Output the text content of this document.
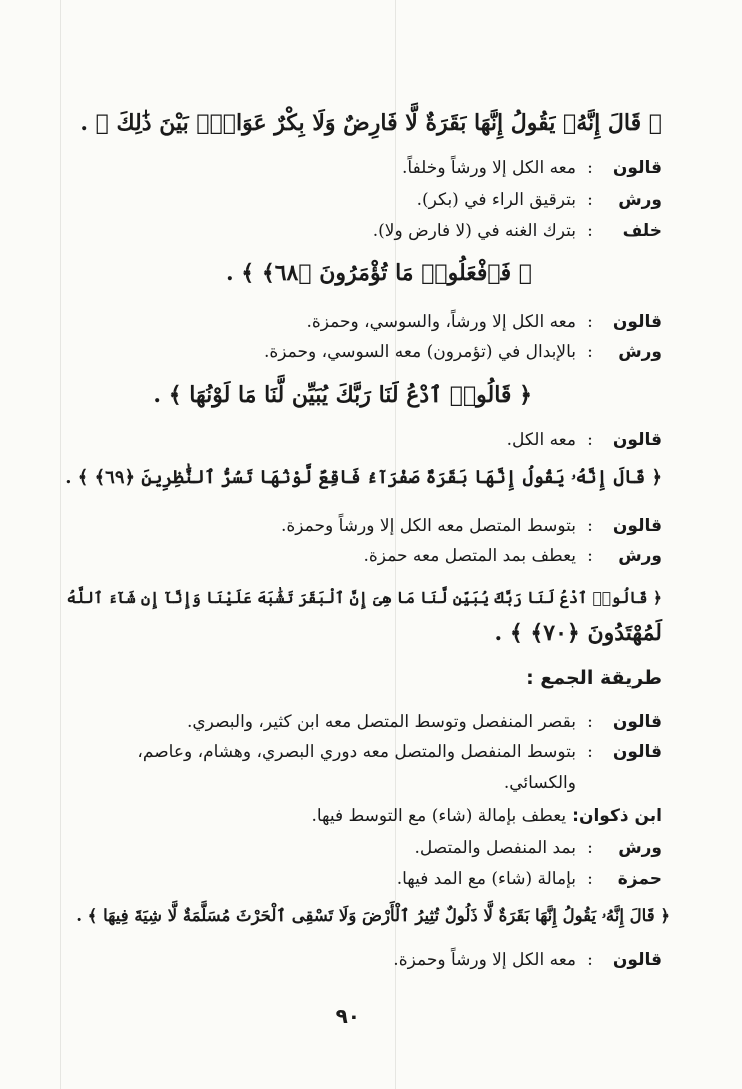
﴿ قَالَ إِنَّهُۥ يَقُولُ إِنَّهَا بَقَرَةٌ لَّا فَارِضٌ وَلَا بِكْرٌ عَوَانٌۢ بَيْنَ ذَٰلِكَ ﴾ .
قالون:معه الكل إلا ورشاً وخلفاً.
ورش:بترقيق الراء في (بكر).
خلف:بترك الغنه في (لا فارض ولا).
﴿ فَٱفْعَلُوا۟ مَا تُؤْمَرُونَ ﴿٦٨﴾ ﴾ .
قالون:معه الكل إلا ورشاً، والسوسي، وحمزة.
ورش:بالإبدال في (تؤمرون) معه السوسي، وحمزة.
﴿ قَالُوا۟ ٱدْعُ لَنَا رَبَّكَ يُبَيِّن لَّنَا مَا لَوْنُهَا ﴾ .
قالون:معه الكل.
﴿ قَالَ إِنَّهُۥ يَقُولُ إِنَّهَا بَقَرَةٌ صَفْرَآءُ فَاقِعٌ لَّوْنُهَا تَسُرُّ ٱلنَّٰظِرِينَ ﴿٦٩﴾ ﴾ .
قالون:بتوسط المتصل معه الكل إلا ورشاً وحمزة.
ورش:يعطف بمد المتصل معه حمزة.
﴿ قَالُوا۟ ٱدْعُ لَنَا رَبَّكَ يُبَيِّن لَّنَا مَا هِىَ إِنَّ ٱلْبَقَرَ تَشَٰبَهَ عَلَيْنَا وَإِنَّآ إِن شَآءَ ٱللَّهُ
لَمُهْتَدُونَ ﴿٧٠﴾ ﴾ .
طريقة الجمع :
قالون:بقصر المنفصل وتوسط المتصل معه ابن كثير، والبصري.
قالون:بتوسط المنفصل والمتصل معه دوري البصري، وهشام، وعاصم،
والكسائي.
ابن ذكوان:يعطف بإمالة (شاء) مع التوسط فيها.
ورش:بمد المنفصل والمتصل.
حمزة:بإمالة (شاء) مع المد فيها.
﴿ قَالَ إِنَّهُۥ يَقُولُ إِنَّهَا بَقَرَةٌ لَّا ذَلُولٌ تُثِيرُ ٱلْأَرْضَ وَلَا تَسْقِى ٱلْحَرْثَ مُسَلَّمَةٌ لَّا شِيَةَ فِيهَا ﴾ .
قالون:معه الكل إلا ورشاً وحمزة.
٩٠
